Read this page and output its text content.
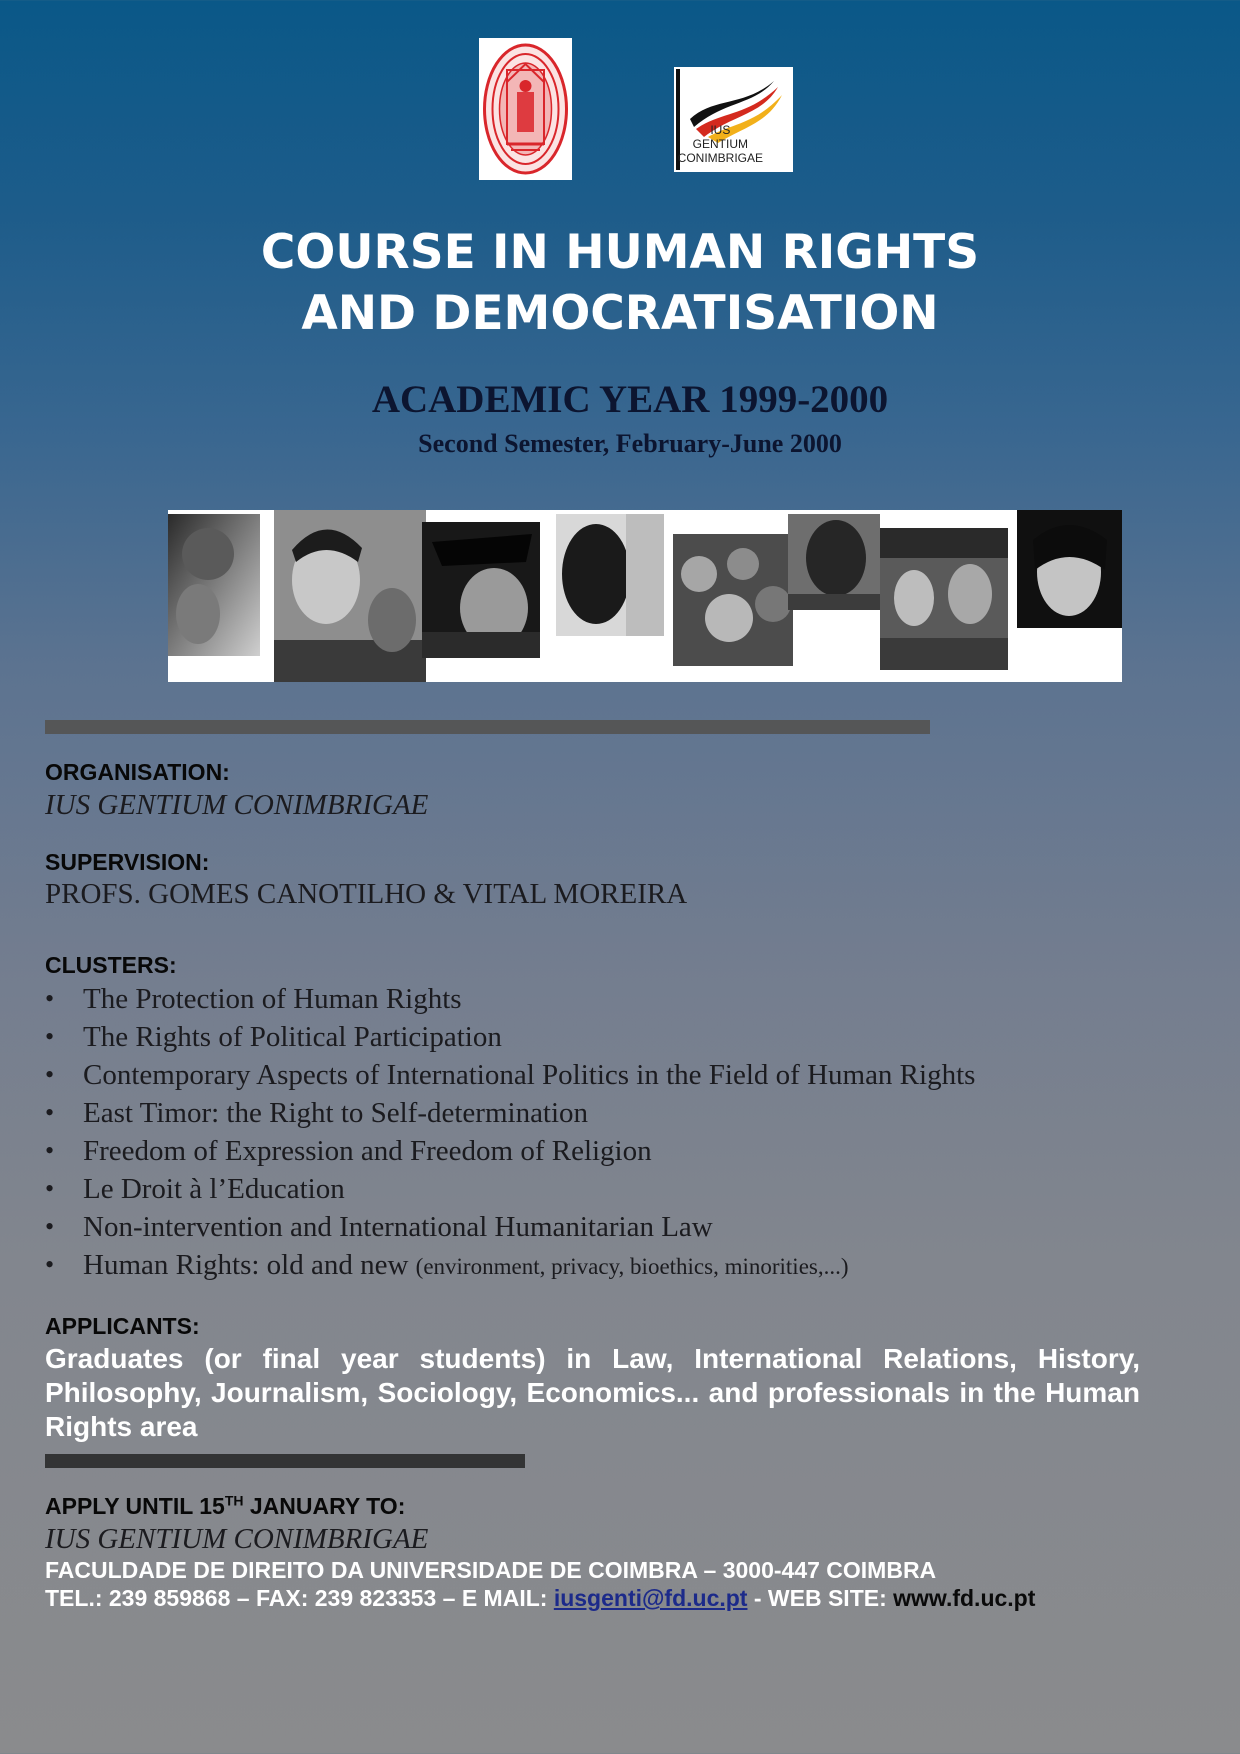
IUS
GENTIUM
CONIMBRIGAE
COURSE IN HUMAN RIGHTS
AND DEMOCRATISATION
ACADEMIC YEAR 1999-2000
Second Semester, February-June 2000
ORGANISATION:
IUS GENTIUM CONIMBRIGAE
SUPERVISION:
PROFS. GOMES CANOTILHO & VITAL MOREIRA
CLUSTERS:
• The Protection of Human Rights
• The Rights of Political Participation
• Contemporary Aspects of International Politics in the Field of Human Rights
• East Timor: the Right to Self-determination
• Freedom of Expression and Freedom of Religion
• Le Droit à l’Education
• Non-intervention and International Humanitarian Law
• Human Rights: old and new (environment, privacy, bioethics, minorities,...)
APPLICANTS:
Graduates (or final year students) in Law, International Relations, History, Philosophy, Journalism, Sociology, Economics... and professionals in the Human Rights area
APPLY UNTIL 15TH JANUARY TO:
IUS GENTIUM CONIMBRIGAE
FACULDADE DE DIREITO DA UNIVERSIDADE DE COIMBRA – 3000-447 COIMBRA
TEL.: 239 859868 – FAX: 239 823353 – E MAIL: iusgenti@fd.uc.pt - WEB SITE: www.fd.uc.pt
